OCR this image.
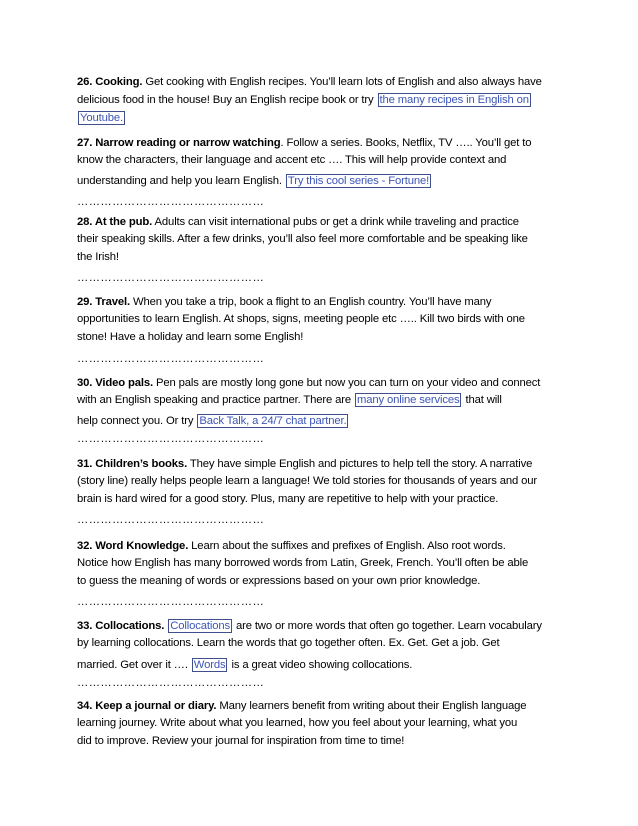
26. Cooking. Get cooking with English recipes. You’ll learn lots of English and also always have
delicious food in the house! Buy an English recipe book or try the many recipes in English on
Youtube.
27. Narrow reading or narrow watching. Follow a series. Books, Netflix, TV ….. You’ll get to
know the characters, their language and accent etc …. This will help provide context and
understanding and help you learn English. Try this cool series - Fortune!
28. At the pub. Adults can visit international pubs or get a drink while traveling and practice
their speaking skills. After a few drinks, you’ll also feel more comfortable and be speaking like
the Irish!
29. Travel. When you take a trip, book a flight to an English country. You’ll have many
opportunities to learn English. At shops, signs, meeting people etc ….. Kill two birds with one
stone! Have a holiday and learn some English!
30. Video pals. Pen pals are mostly long gone but now you can turn on your video and connect
with an English speaking and practice partner. There are many online services that will
help connect you. Or try Back Talk, a 24/7 chat partner.
31. Children’s books. They have simple English and pictures to help tell the story. A narrative
(story line) really helps people learn a language! We told stories for thousands of years and our
brain is hard wired for a good story. Plus, many are repetitive to help with your practice.
32. Word Knowledge. Learn about the suffixes and prefixes of English. Also root words.
Notice how English has many borrowed words from Latin, Greek, French. You’ll often be able
to guess the meaning of words or expressions based on your own prior knowledge.
33. Collocations. Collocations are two or more words that often go together. Learn vocabulary
by learning collocations. Learn the words that go together often. Ex. Get. Get a job. Get
married. Get over it …. Words is a great video showing collocations.
34. Keep a journal or diary. Many learners benefit from writing about their English language
learning journey. Write about what you learned, how you feel about your learning, what you
did to improve. Review your journal for inspiration from time to time!
…………………………………………
…………………………………………
…………………………………………
…………………………………………
…………………………………………
…………………………………………
…………………………………………
